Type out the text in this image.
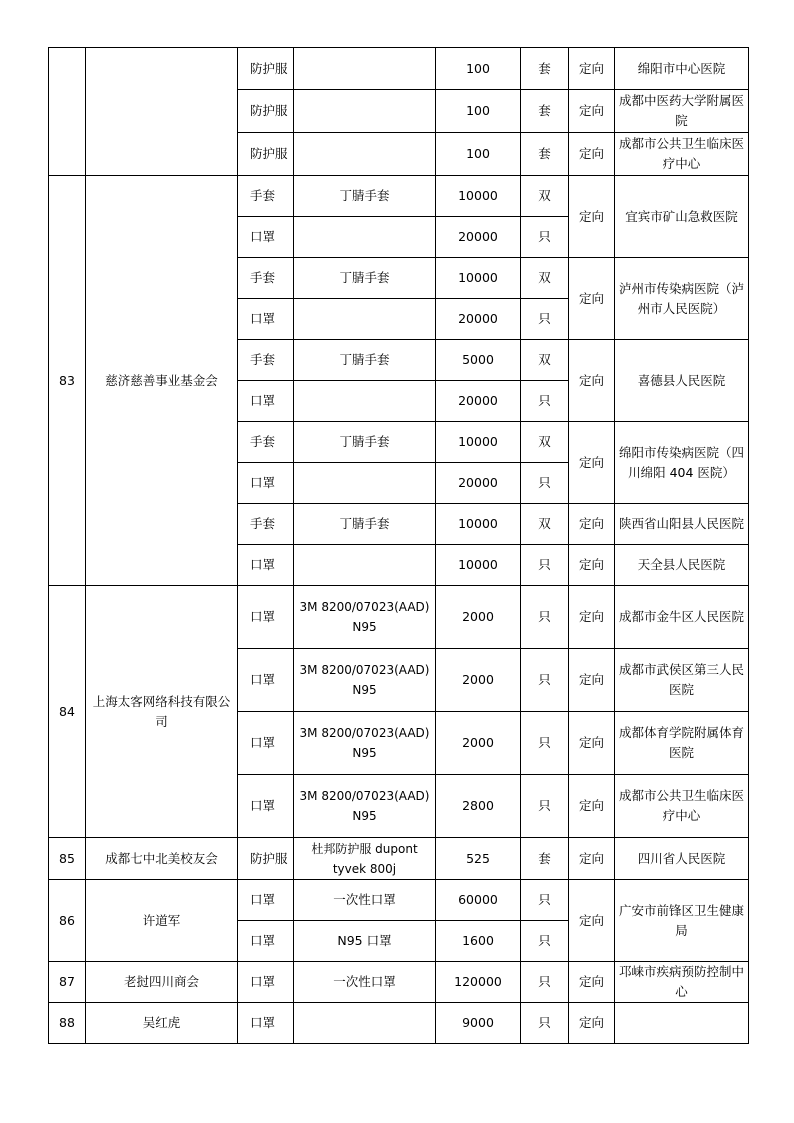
		防护服		100	套	定向	绵阳市中心医院
		防护服		100	套	定向	成都中医药大学附属医院
		防护服		100	套	定向	成都市公共卫生临床医疗中心
83	慈济慈善事业基金会	手套	丁腈手套	10000	双	定向	宜宾市矿山急救医院
		口罩		20000	只		
		手套	丁腈手套	10000	双	定向	泸州市传染病医院（泸州市人民医院）
		口罩		20000	只		
		手套	丁腈手套	5000	双	定向	喜德县人民医院
		口罩		20000	只		
		手套	丁腈手套	10000	双	定向	绵阳市传染病医院（四川绵阳 404 医院）
		口罩		20000	只		
		手套	丁腈手套	10000	双	定向	陕西省山阳县人民医院
		口罩		10000	只	定向	天全县人民医院
84	上海太客网络科技有限公司	口罩	3M 8200/07023(AAD) N95	2000	只	定向	成都市金牛区人民医院
		口罩	3M 8200/07023(AAD) N95	2000	只	定向	成都市武侯区第三人民医院
		口罩	3M 8200/07023(AAD) N95	2000	只	定向	成都体育学院附属体育医院
		口罩	3M 8200/07023(AAD) N95	2800	只	定向	成都市公共卫生临床医疗中心
85	成都七中北美校友会	防护服	杜邦防护服 dupont tyvek 800j	525	套	定向	四川省人民医院
86	许道军	口罩	一次性口罩	60000	只	定向	广安市前锋区卫生健康局
		口罩	N95 口罩	1600	只		
87	老挝四川商会	口罩	一次性口罩	120000	只	定向	邛崃市疾病预防控制中心
88	吴红虎	口罩		9000	只	定向	
